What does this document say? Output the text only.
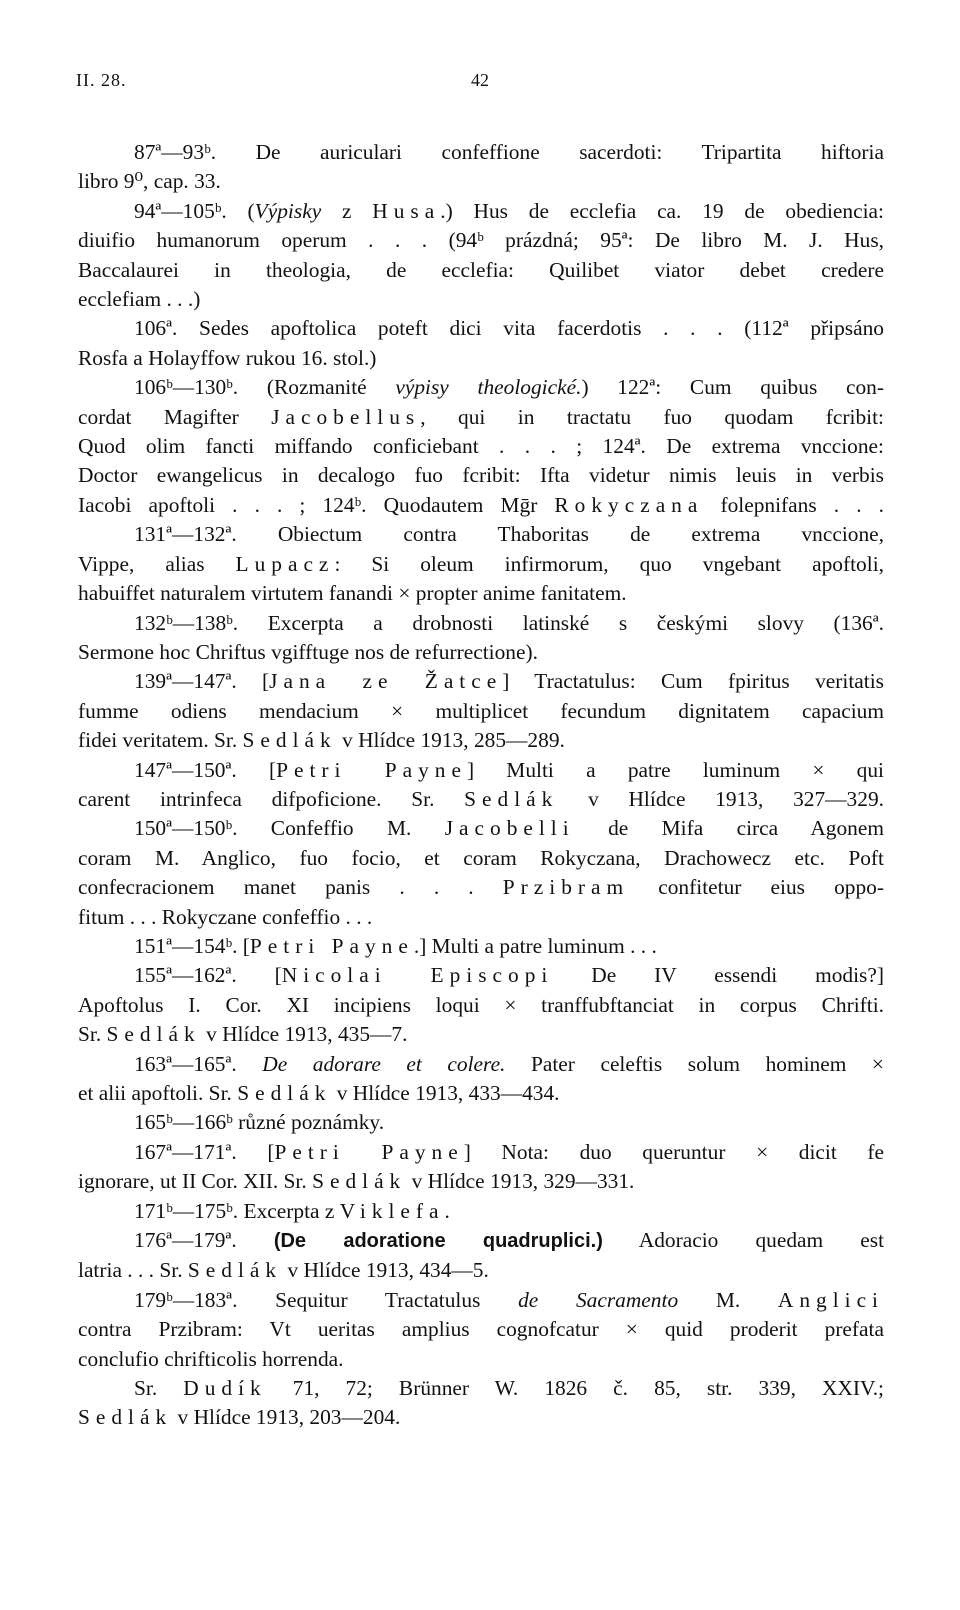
II. 28.	42
87ª—93ᵇ. De auriculari confeffione sacerdoti: Tripartita hiftoria
libro 9⁰, cap. 33.
94ª—105ᵇ. (Výpisky z Husa.) Hus de ecclefia ca. 19 de obediencia:
diuifio humanorum operum . . . (94ᵇ prázdná; 95ª: De libro M. J. Hus,
Baccalaurei in theologia, de ecclefia: Quilibet viator debet credere
ecclefiam . . .)
106ª. Sedes apoftolica poteft dici vita facerdotis . . . (112ª připsáno
Rosfa a Holayffow rukou 16. stol.)
106ᵇ—130ᵇ. (Rozmanité výpisy theologické.) 122ª: Cum quibus con-
cordat Magifter Jacobellus, qui in tractatu fuo quodam fcribit:
Quod olim fancti miffando conficiebant . . . ; 124ª. De extrema vnccione:
Doctor ewangelicus in decalogo fuo fcribit: Ifta videtur nimis leuis in verbis
Iacobi apoftoli . . . ; 124ᵇ. Quodautem Mḡr Rokyczana folepnifans . . .
131ª—132ª. Obiectum contra Thaboritas de extrema vnccione,
Vippe, alias Lupacz: Si oleum infirmorum, quo vngebant apoftoli,
habuiffet naturalem virtutem fanandi × propter anime fanitatem.
132ᵇ—138ᵇ. Excerpta a drobnosti latinské s českými slovy (136ª.
Sermone hoc Chriftus vgifftuge nos de refurrectione).
139ª—147ª. [Jana ze Žatce] Tractatulus: Cum fpiritus veritatis
fumme odiens mendacium × multiplicet fecundum dignitatem capacium
fidei veritatem. Sr. Sedlák v Hlídce 1913, 285—289.
147ª—150ª. [Petri Payne] Multi a patre luminum × qui
carent intrinfeca difpoficione. Sr. Sedlák v Hlídce 1913, 327—329.
150ª—150ᵇ. Confeffio M. Jacobelli de Mifa circa Agonem
coram M. Anglico, fuo focio, et coram Rokyczana, Drachowecz etc. Poft
confecracionem manet panis . . . Przibram confitetur eius oppo-
fitum . . . Rokyczane confeffio . . .
151ª—154ᵇ. [Petri Payne.] Multi a patre luminum . . .
155ª—162ª. [Nicolai Episcopi De IV essendi modis?]
Apoftolus I. Cor. XI incipiens loqui × tranffubftanciat in corpus Chrifti.
Sr. Sedlák v Hlídce 1913, 435—7.
163ª—165ª. De adorare et colere. Pater celeftis solum hominem ×
et alii apoftoli. Sr. Sedlák v Hlídce 1913, 433—434.
165ᵇ—166ᵇ různé poznámky.
167ª—171ª. [Petri Payne] Nota: duo queruntur × dicit fe
ignorare, ut II Cor. XII. Sr. Sedlák v Hlídce 1913, 329—331.
171ᵇ—175ᵇ. Excerpta z Viklefa.
176ª—179ª. (De adoratione quadruplici.) Adoracio quedam est
latria . . . Sr. Sedlák v Hlídce 1913, 434—5.
179ᵇ—183ª. Sequitur Tractatulus de Sacramento M. Anglici
contra Przibram: Vt ueritas amplius cognofcatur × quid proderit prefata
conclufio chrifticolis horrenda.
Sr. Dudík 71, 72; Brünner W. 1826 č. 85, str. 339, XXIV.;
Sedlák v Hlídce 1913, 203—204.
